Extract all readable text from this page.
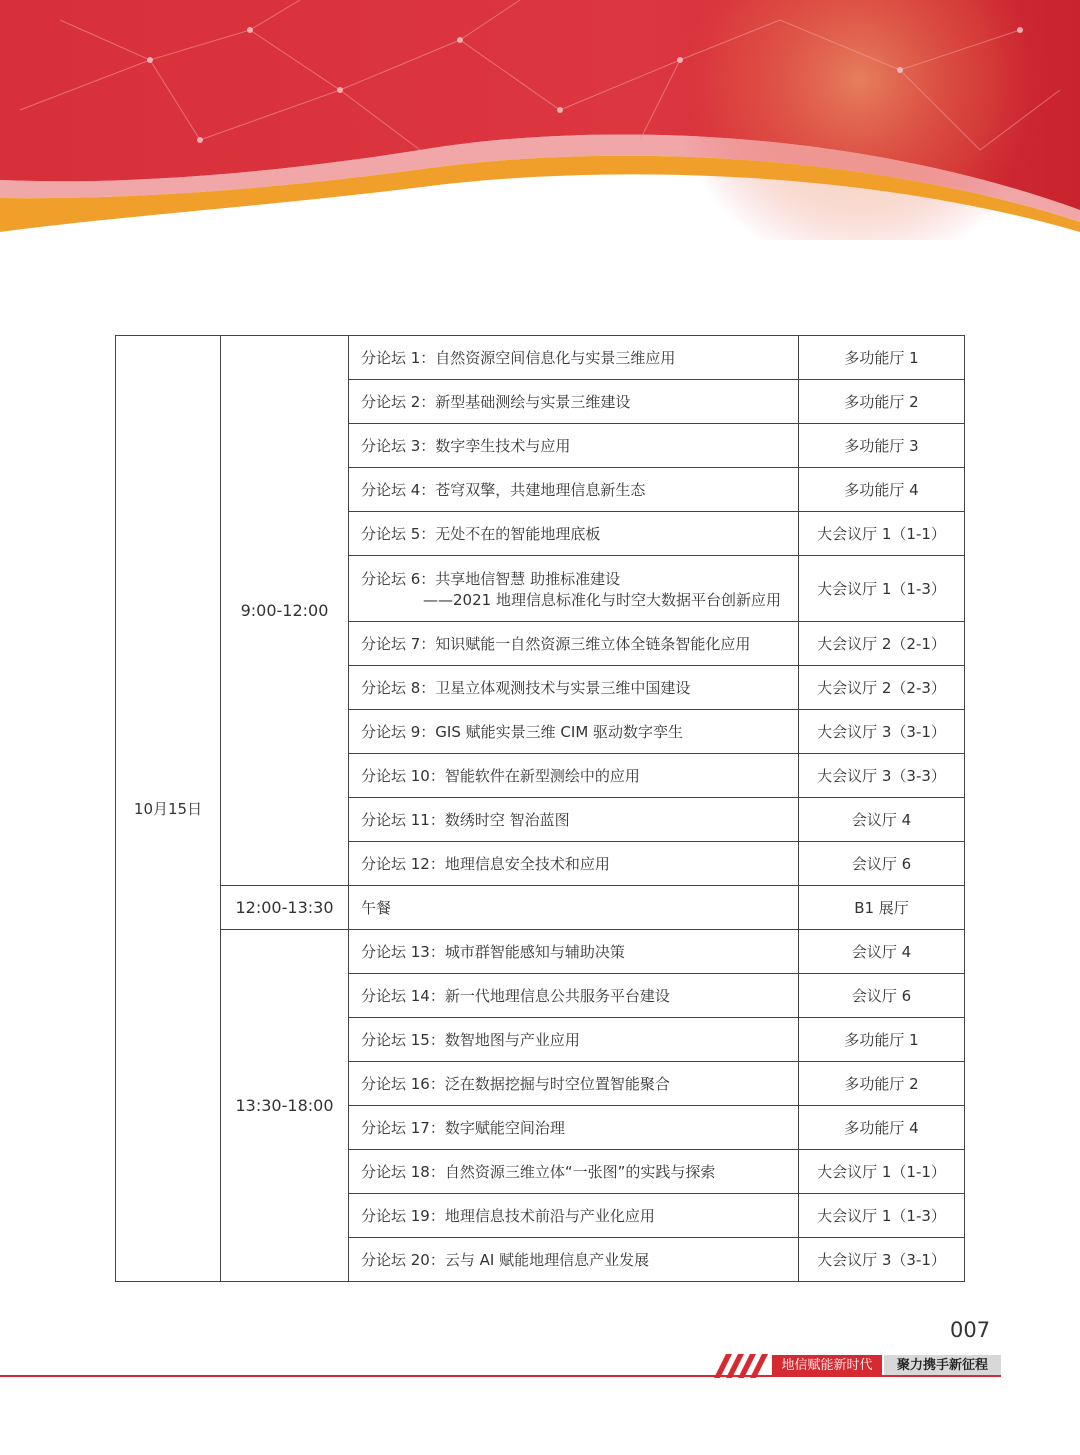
10月15日	9:00-12:00	分论坛 1：自然资源空间信息化与实景三维应用	多功能厅 1
		分论坛 2：新型基础测绘与实景三维建设	多功能厅 2
		分论坛 3：数字孪生技术与应用	多功能厅 3
		分论坛 4：苍穹双擎，共建地理信息新生态	多功能厅 4
		分论坛 5：无处不在的智能地理底板	大会议厅 1（1-1）
		分论坛 6：共享地信智慧 助推标准建设
——2021 地理信息标准化与时空大数据平台创新应用	大会议厅 1（1-3）
		分论坛 7：知识赋能一自然资源三维立体全链条智能化应用	大会议厅 2（2-1）
		分论坛 8：卫星立体观测技术与实景三维中国建设	大会议厅 2（2-3）
		分论坛 9：GIS 赋能实景三维 CIM 驱动数字孪生	大会议厅 3（3-1）
		分论坛 10：智能软件在新型测绘中的应用	大会议厅 3（3-3）
		分论坛 11：数绣时空 智治蓝图	会议厅 4
		分论坛 12：地理信息安全技术和应用	会议厅 6
	12:00-13:30	午餐	B1 展厅
	13:30-18:00	分论坛 13：城市群智能感知与辅助决策	会议厅 4
		分论坛 14：新一代地理信息公共服务平台建设	会议厅 6
		分论坛 15：数智地图与产业应用	多功能厅 1
		分论坛 16：泛在数据挖掘与时空位置智能聚合	多功能厅 2
		分论坛 17：数字赋能空间治理	多功能厅 4
		分论坛 18：自然资源三维立体“一张图”的实践与探索	大会议厅 1（1-1）
		分论坛 19：地理信息技术前沿与产业化应用	大会议厅 1（1-3）
		分论坛 20：云与 AI 赋能地理信息产业发展	大会议厅 3（3-1）
007
地信赋能新时代	聚力携手新征程
